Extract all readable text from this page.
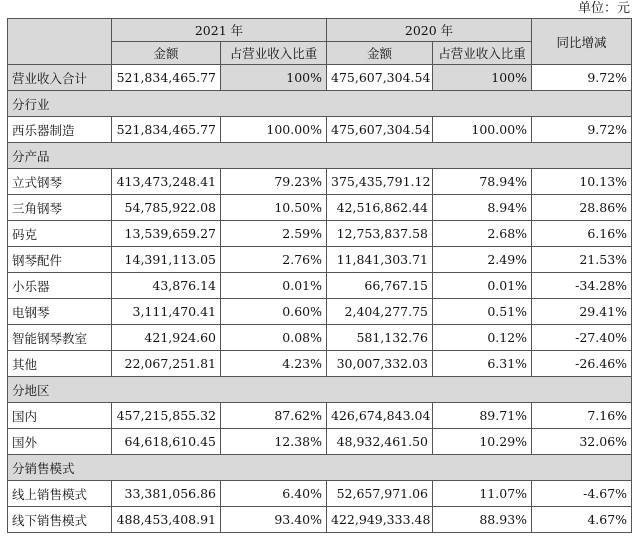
单位：元
	2021 年		2020 年		同比增减
	金额	占营业收入比重	金额	占营业收入比重	
营业收入合计	521,834,465.77	100%	475,607,304.54	100%	9.72%
分行业					
西乐器制造	521,834,465.77	100.00%	475,607,304.54	100.00%	9.72%
分产品					
立式钢琴	413,473,248.41	79.23%	375,435,791.12	78.94%	10.13%
三角钢琴	54,785,922.08	10.50%	42,516,862.44	8.94%	28.86%
码克	13,539,659.27	2.59%	12,753,837.58	2.68%	6.16%
钢琴配件	14,391,113.05	2.76%	11,841,303.71	2.49%	21.53%
小乐器	43,876.14	0.01%	66,767.15	0.01%	-34.28%
电钢琴	3,111,470.41	0.60%	2,404,277.75	0.51%	29.41%
智能钢琴教室	421,924.60	0.08%	581,132.76	0.12%	-27.40%
其他	22,067,251.81	4.23%	30,007,332.03	6.31%	-26.46%
分地区					
国内	457,215,855.32	87.62%	426,674,843.04	89.71%	7.16%
国外	64,618,610.45	12.38%	48,932,461.50	10.29%	32.06%
分销售模式					
线上销售模式	33,381,056.86	6.40%	52,657,971.06	11.07%	-4.67%
线下销售模式	488,453,408.91	93.40%	422,949,333.48	88.93%	4.67%
